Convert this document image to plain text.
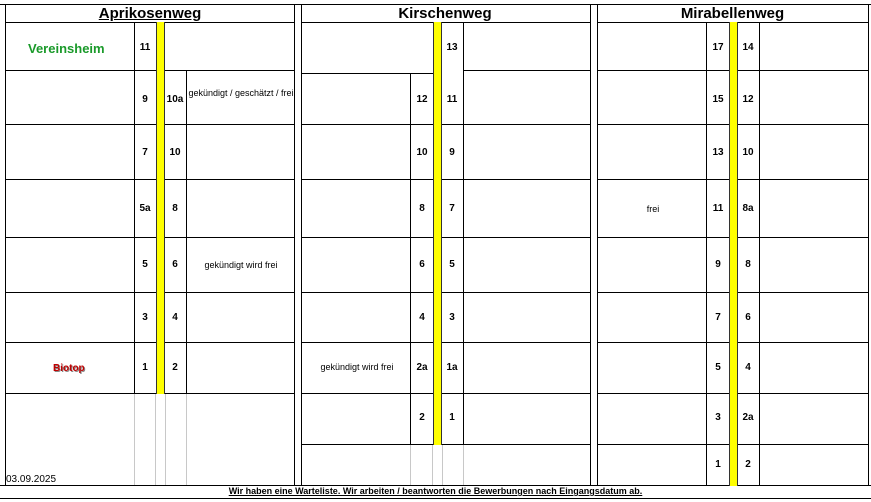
Aprikosenweg
11
9
7
5a
5
3
1
10a
10
8
6
4
2
Vereinsheim
Biotop
gekündigt / geschätzt / frei
gekündigt wird frei
03.09.2025
Kirschenweg
12
10
8
6
4
2a
2
13
11
9
7
5
3
1a
1
gekündigt wird frei
Mirabellenweg
17
15
13
11
9
7
5
3
1
14
12
10
8a
8
6
4
2a
2
frei
Wir haben eine Warteliste. Wir arbeiten / beantworten die Bewerbungen nach Eingangsdatum ab.
